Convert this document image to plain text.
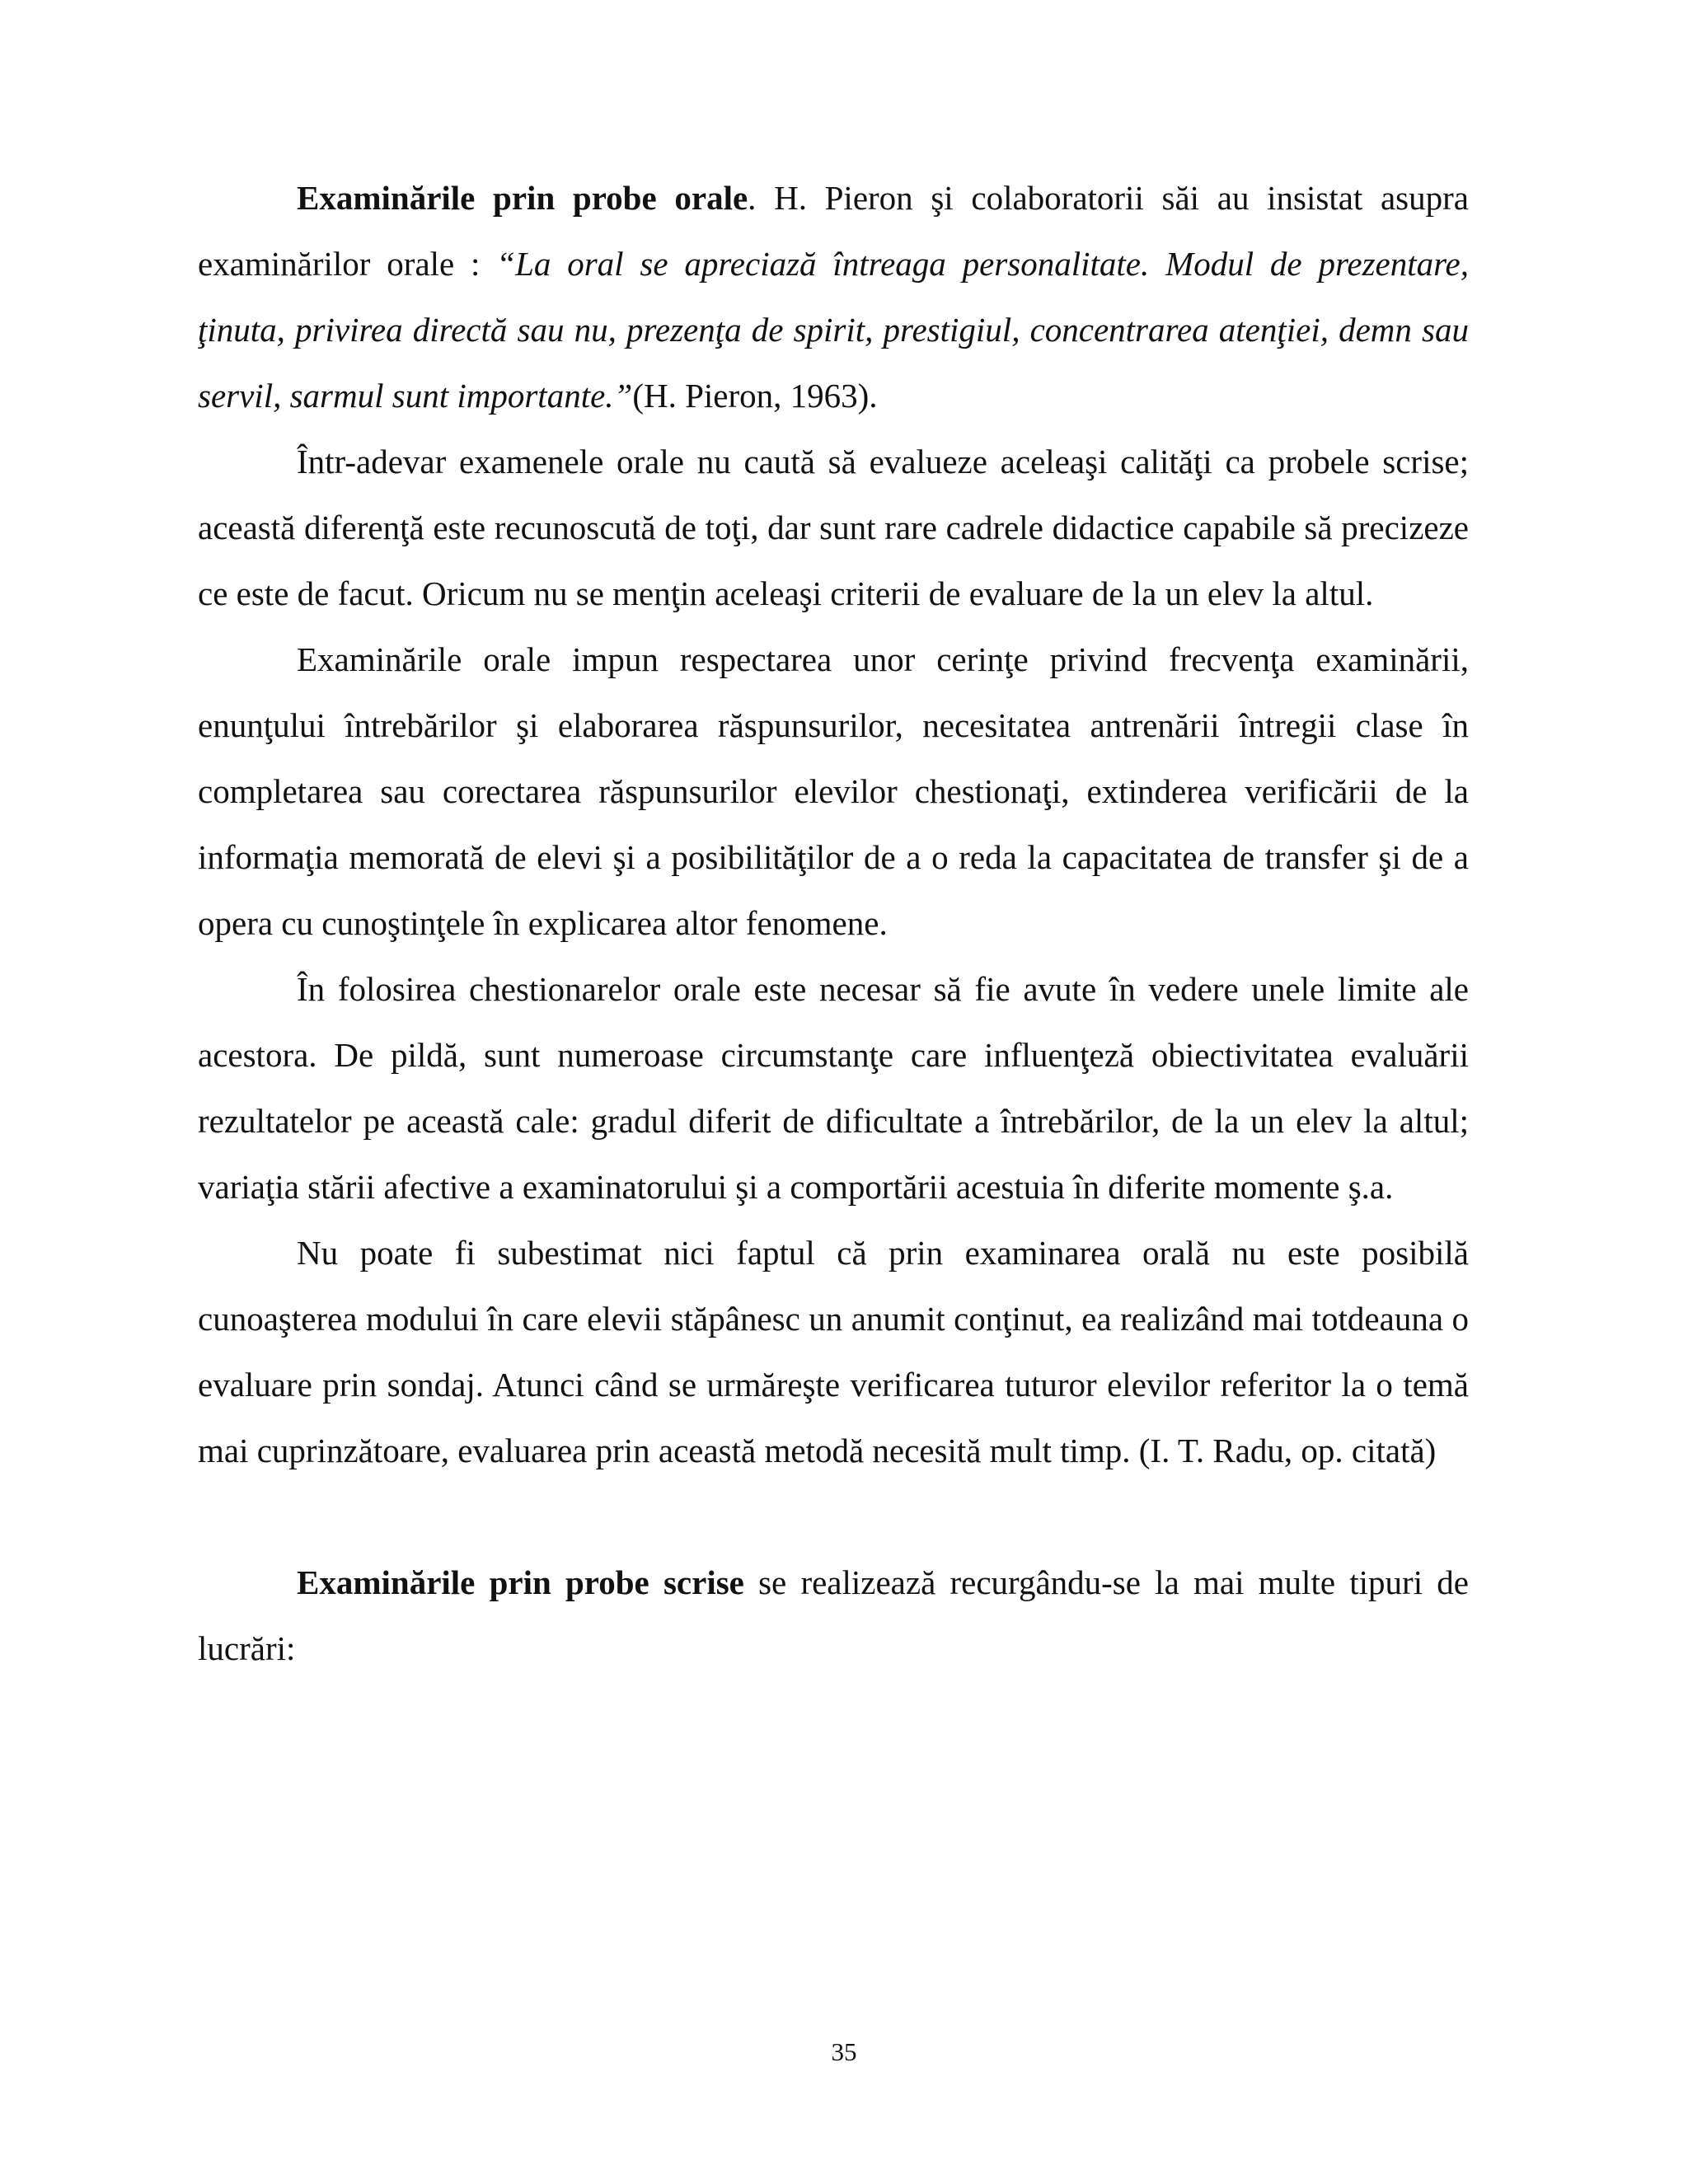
Examinările prin probe orale. H. Pieron şi colaboratorii săi au insistat asupra examinărilor orale : “La oral se apreciază întreaga personalitate. Modul de prezentare, ţinuta, privirea directă sau nu, prezenţa de spirit, prestigiul, concentrarea atenţiei, demn sau servil, sarmul sunt importante.”(H. Pieron, 1963).

Într-adevar examenele orale nu caută să evalueze aceleaşi calităţi ca probele scrise; această diferenţă este recunoscută de toţi, dar sunt rare cadrele didactice capabile să precizeze ce este de facut. Oricum nu se menţin aceleaşi criterii de evaluare de la un elev la altul.

Examinările orale impun respectarea unor cerinţe privind frecvenţa examinării, enunţului întrebărilor şi elaborarea răspunsurilor, necesitatea antrenării întregii clase în completarea sau corectarea răspunsurilor elevilor chestionaţi, extinderea verificării de la informaţia memorată de elevi şi a posibilităţilor de a o reda la capacitatea de transfer şi de a opera cu cunoştinţele în explicarea altor fenomene.

În folosirea chestionarelor orale este necesar să fie avute în vedere unele limite ale acestora. De pildă, sunt numeroase circumstanţe care influenţeză obiectivitatea evaluării rezultatelor pe această cale: gradul diferit de dificultate a întrebărilor, de la un elev la altul; variaţia stării afective a examinatorului şi a comportării acestuia în diferite momente ş.a.

Nu poate fi subestimat nici faptul că prin examinarea orală nu este posibilă cunoaşterea modului în care elevii stăpânesc un anumit conţinut, ea realizând mai totdeauna o evaluare prin sondaj. Atunci când se urmăreşte verificarea tuturor elevilor referitor la o temă mai cuprinzătoare, evaluarea prin această metodă necesită mult timp. (I. T. Radu, op. citată)

Examinările prin probe scrise se realizează recurgându-se la mai multe tipuri de lucrări:

35
